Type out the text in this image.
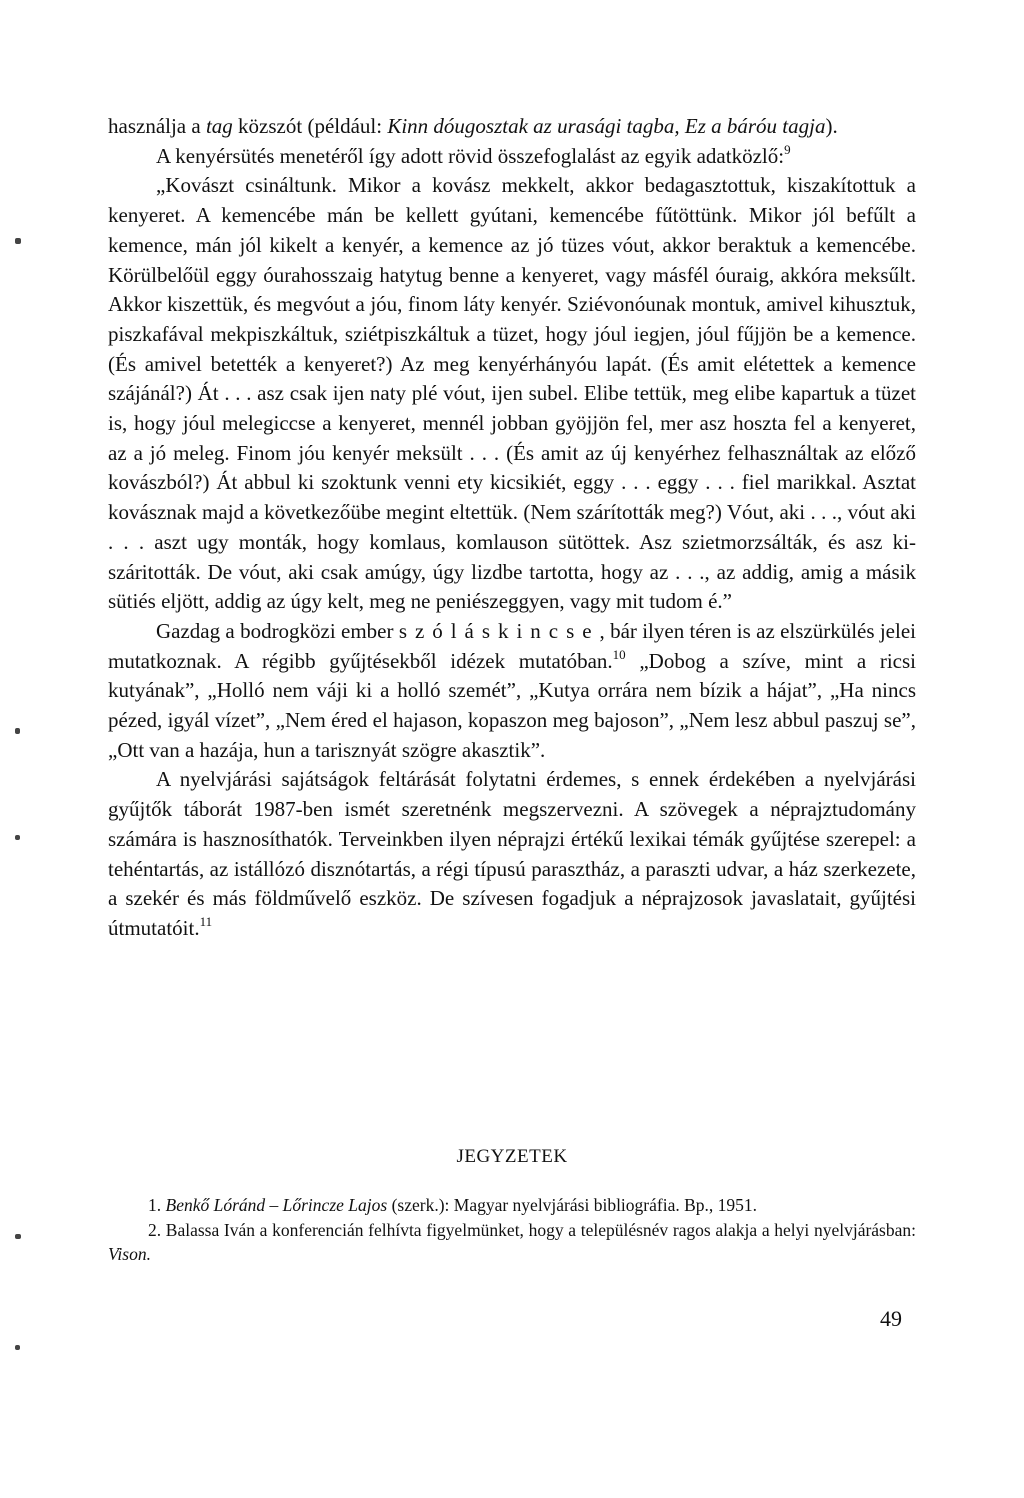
használja a tag közszót (például: Kinn dóugosztak az urasági tagba, Ez a báróu tagja).

A kenyérsütés menetéről így adott rövid összefoglalást az egyik adatközlő:$^9$

„Kovászt csináltunk. Mikor a kovász mekkelt, akkor bedagasztottuk, kiszakítottuk a kenyeret. A kemencébe mán be kellett gyútani, kemencébe fűtöttünk. Mikor jól befűlt a kemence, mán jól kikelt a kenyér, a kemence az jó tüzes vóut, akkor beraktuk a kemencébe. Körülbelőül eggy óurahosszaig hatytug benne a kenyeret, vagy másfél óuraig, akkóra meksűlt. Akkor kiszettük, és megvóut a jóu, finom láty kenyér. Sziévonóunak montuk, amivel kihusztuk, piszkafával mekpiszkáltuk, sziétpiszkáltuk a tüzet, hogy jóul iegjen, jóul fűjjön be a kemence. (És amivel betették a kenyeret?) Az meg kenyérhányóu lapát. (És amit elétettek a kemence szájánál?) Át . . . asz csak ijen naty plé vóut, ijen subel. Elibe tettük, meg elibe kapartuk a tüzet is, hogy jóul melegiccse a kenyeret, mennél jobban gyöjjön fel, mer asz hoszta fel a kenyeret, az a jó meleg. Finom jóu kenyér meksült . . . (És amit az új kenyérhez felhasználtak az előző kovászból?) Át abbul ki szoktunk venni ety kicsikiét, eggy . . . eggy . . . fiel marikkal. Asztat kovásznak majd a következőübe megint eltettük. (Nem szárították meg?) Vóut, aki . . ., vóut aki . . . aszt ugy monták, hogy komlaus, komlauson sütöttek. Asz szietmorzsálták, és asz kiszáritották. De vóut, aki csak amúgy, úgy lizdbe tartotta, hogy az . . ., az addig, amig a másik sütiés eljött, addig az úgy kelt, meg ne peniészeggyen, vagy mit tudom é.”

Gazdag a bodrogközi ember szóláskincse, bár ilyen téren is az elszürkülés jelei mutatkoznak. A régibb gyűjtésekből idézek mutatóban.$^{10}$ „Dobog a szíve, mint a ricsi kutyának”, „Holló nem váji ki a holló szemét”, „Kutya orrára nem bízik a hájat”, „Ha nincs pézed, igyál vízet”, „Nem éred el hajason, kopaszon meg bajoson”, „Nem lesz abbul paszuj se”, „Ott van a hazája, hun a tarisznyát szögre akasztik”.

A nyelvjárási sajátságok feltárását folytatni érdemes, s ennek érdekében a nyelvjárási gyűjtők táborát 1987-ben ismét szeretnénk megszervezni. A szövegek a néprajztudomány számára is hasznosíthatók. Terveinkben ilyen néprajzi értékű lexikai témák gyűjtése szerepel: a tehéntartás, az istállózó disznótartás, a régi típusú parasztház, a paraszti udvar, a ház szerkezete, a szekér és más földművelő eszköz. De szívesen fogadjuk a néprajzosok javaslatait, gyűjtési útmutatóit.$^{11}$

JEGYZETEK

1. Benkő Lóránd – Lőrincze Lajos (szerk.): Magyar nyelvjárási bibliográfia. Bp., 1951.

2. Balassa Iván a konferencián felhívta figyelmünket, hogy a településnév ragos alakja a helyi nyelvjárásban: Vison.

49
